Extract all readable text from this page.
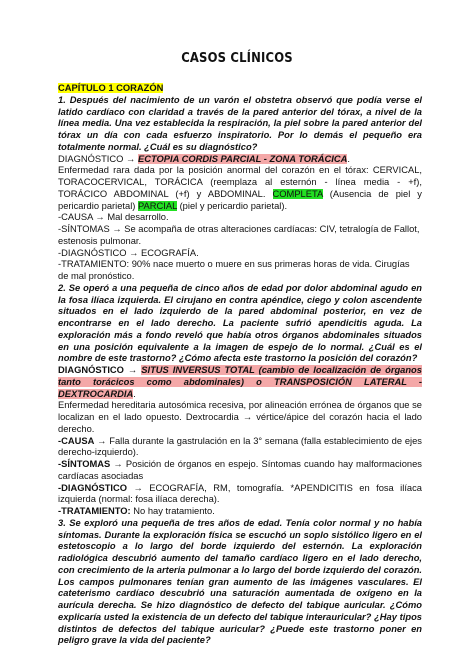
CASOS CLÍNICOS

CAPÍTULO 1 CORAZÓN

1. Después del nacimiento de un varón el obstetra observó que podía verse el latido cardíaco con claridad a través de la pared anterior del tórax, a nivel de la línea media. Una vez establecida la respiración, la piel sobre la pared anterior del tórax un día con cada esfuerzo inspiratorio. Por lo demás el pequeño era totalmente normal. ¿Cuál es su diagnóstico?

DIAGNÓSTICO → ECTOPIA CORDIS PARCIAL - ZONA TORÁCICA.

Enfermedad rara dada por la posición anormal del corazón en el tórax: CERVICAL, TORACOCERVICAL, TORÁCICA (reemplaza al esternón - línea media - +f), TORÁCICO ABDOMINAL (+f) y ABDOMINAL. COMPLETA (Ausencia de piel y pericardio parietal) PARCIAL (piel y pericardio parietal).

-CAUSA → Mal desarrollo.

-SÍNTOMAS → Se acompaña de otras alteraciones cardíacas: CIV, tetralogía de Fallot, estenosis pulmonar.

-DIAGNÓSTICO → ECOGRAFÍA.

-TRATAMIENTO: 90% nace muerto o muere en sus primeras horas de vida. Cirugías de mal pronóstico.

2. Se operó a una pequeña de cinco años de edad por dolor abdominal agudo en la fosa ilíaca izquierda. El cirujano en contra apéndice, ciego y colon ascendente situados en el lado izquierdo de la pared abdominal posterior, en vez de encontrarse en el lado derecho. La paciente sufrió apendicitis aguda. La exploración más a fondo reveló que había otros órganos abdominales situados en una posición equivalente a la imagen de espejo de lo normal. ¿Cuál es el nombre de este trastorno? ¿Cómo afecta este trastorno la posición del corazón?

DIAGNÓSTICO → SITUS INVERSUS TOTAL (cambio de localización de órganos tanto torácicos como abdominales) o TRANSPOSICIÓN LATERAL - DEXTROCARDIA.

Enfermedad hereditaria autosómica recesiva, por alineación errónea de órganos que se localizan en el lado opuesto. Dextrocardia → vértice/ápice del corazón hacia el lado derecho.

-CAUSA → Falla durante la gastrulación en la 3° semana (falla establecimiento de ejes derecho-izquierdo).

-SÍNTOMAS → Posición de órganos en espejo. Síntomas cuando hay malformaciones cardíacas asociadas

-DIAGNÓSTICO → ECOGRAFÍA, RM, tomografía. *APENDICITIS en fosa ilíaca izquierda (normal: fosa ilíaca derecha).

-TRATAMIENTO: No hay tratamiento.

3. Se exploró una pequeña de tres años de edad. Tenía color normal y no había síntomas. Durante la exploración física se escuchó un soplo sistólico ligero en el estetoscopio a lo largo del borde izquierdo del esternón. La exploración radiológica descubrió aumento del tamaño cardíaco ligero en el lado derecho, con crecimiento de la arteria pulmonar a lo largo del borde izquierdo del corazón. Los campos pulmonares tenían gran aumento de las imágenes vasculares. El cateterismo cardíaco descubrió una saturación aumentada de oxígeno en la aurícula derecha. Se hizo diagnóstico de defecto del tabique auricular. ¿Cómo explicaría usted la existencia de un defecto del tabique interauricular? ¿Hay tipos distintos de defectos del tabique auricular? ¿Puede este trastorno poner en peligro grave la vida del paciente?
